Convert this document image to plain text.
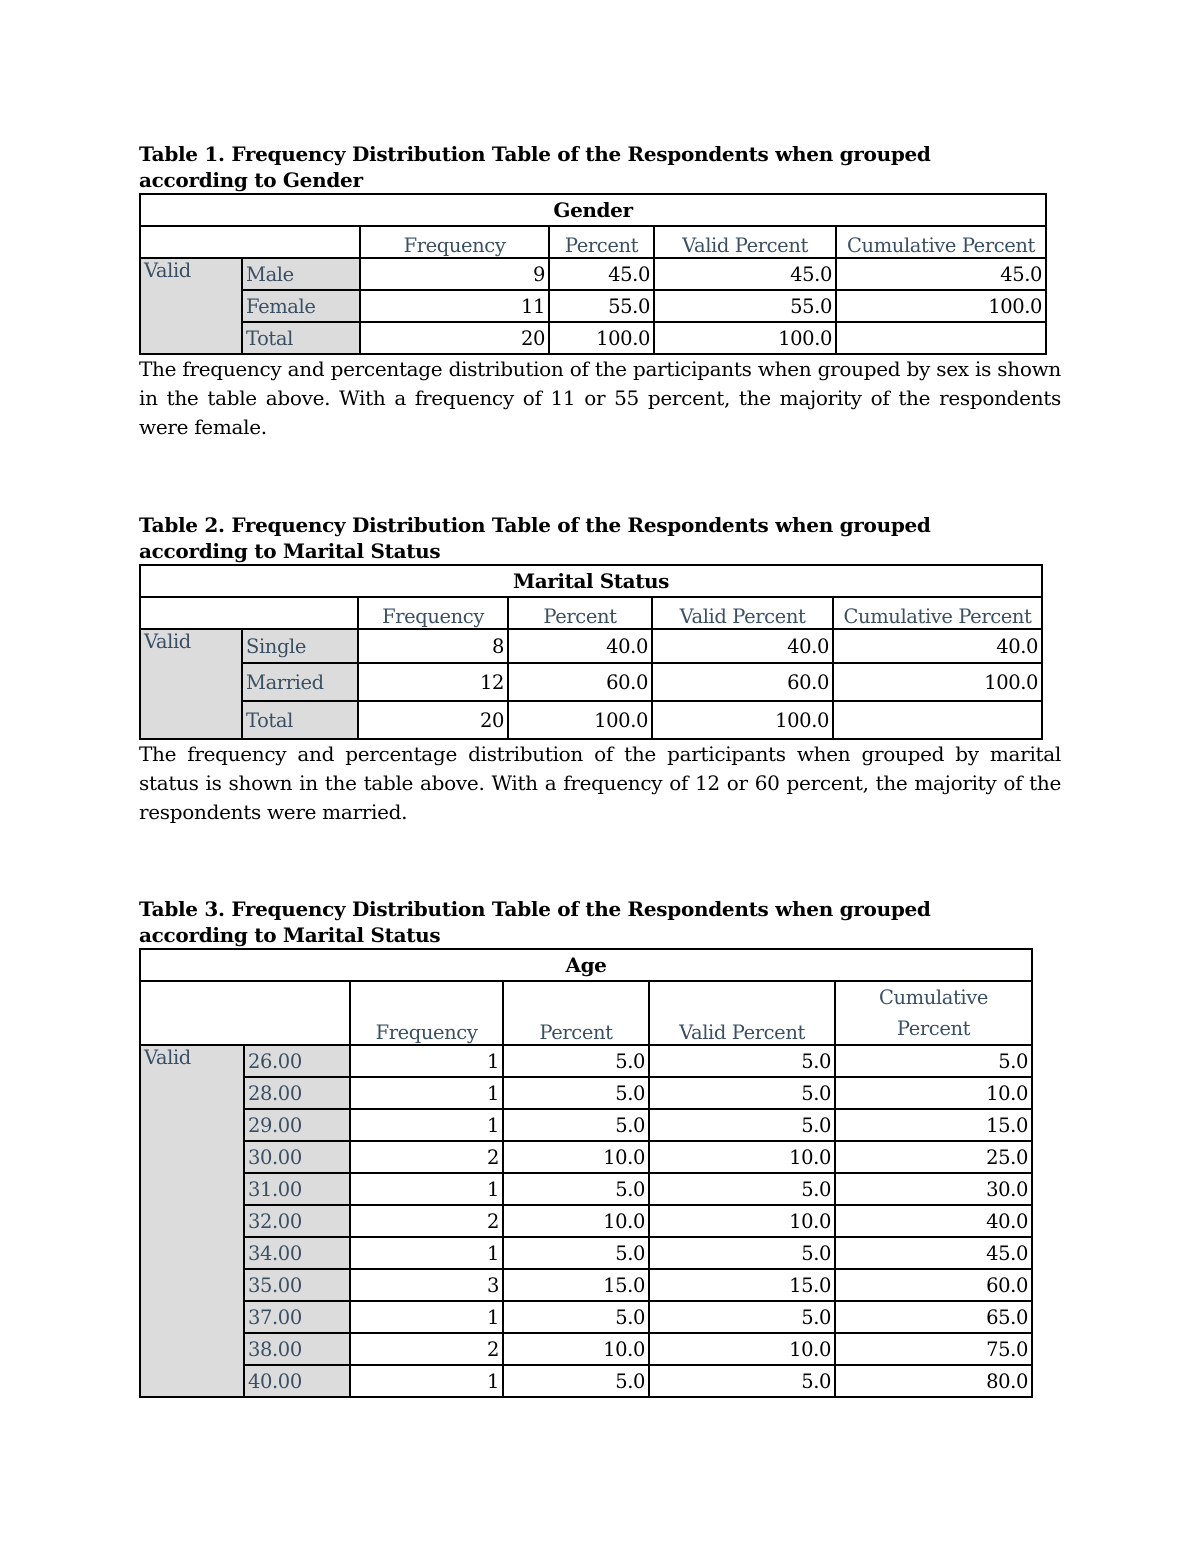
Table 1. Frequency Distribution Table of the Respondents when grouped according to Gender
Gender					
		Frequency	Percent	Valid Percent	Cumulative Percent
Valid	Male	9	45.0	45.0	45.0
	Female	11	55.0	55.0	100.0
	Total	20	100.0	100.0	
The frequency and percentage distribution of the participants when grouped by sex is shown in the table above. With a frequency of 11 or 55 percent, the majority of the respondents were female.
Table 2. Frequency Distribution Table of the Respondents when grouped according to Marital Status
Marital Status					
		Frequency	Percent	Valid Percent	Cumulative Percent
Valid	Single	8	40.0	40.0	40.0
	Married	12	60.0	60.0	100.0
	Total	20	100.0	100.0	
The frequency and percentage distribution of the participants when grouped by marital status is shown in the table above. With a frequency of 12 or 60 percent, the majority of the respondents were married.
Table 3. Frequency Distribution Table of the Respondents when grouped according to Marital Status
Age					
		Frequency	Percent	Valid Percent	Cumulative Percent
Valid	26.00	1	5.0	5.0	5.0
	28.00	1	5.0	5.0	10.0
	29.00	1	5.0	5.0	15.0
	30.00	2	10.0	10.0	25.0
	31.00	1	5.0	5.0	30.0
	32.00	2	10.0	10.0	40.0
	34.00	1	5.0	5.0	45.0
	35.00	3	15.0	15.0	60.0
	37.00	1	5.0	5.0	65.0
	38.00	2	10.0	10.0	75.0
	40.00	1	5.0	5.0	80.0
